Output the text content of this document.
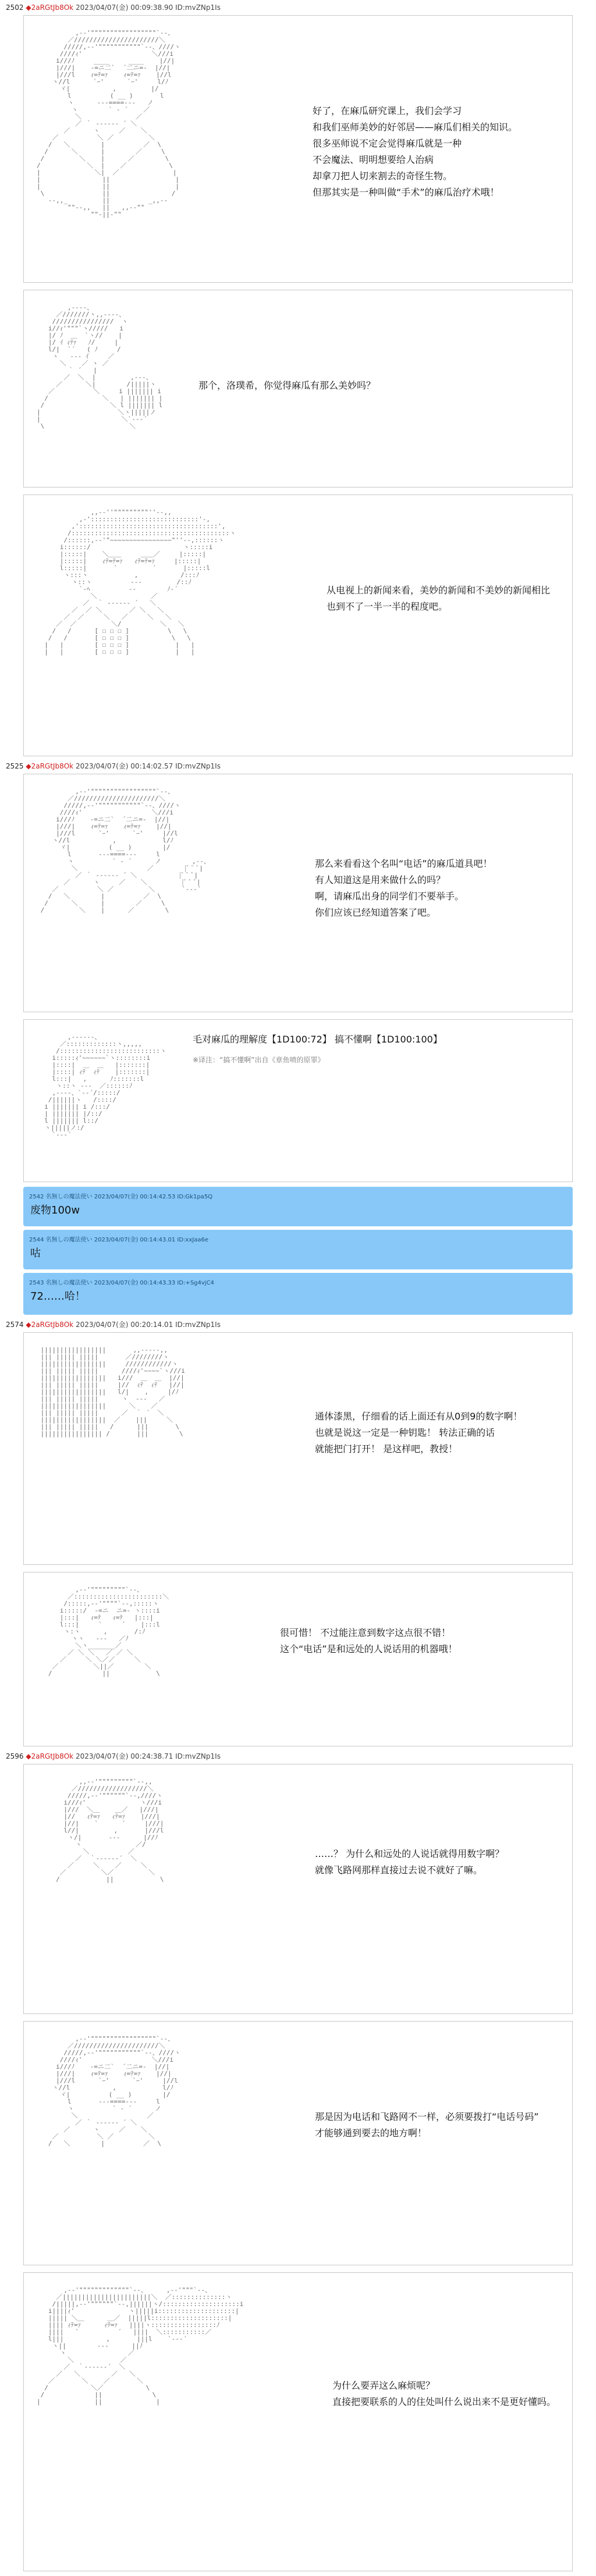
2502 ◆2aRGtJb8Ok 2023/04/07(金) 00:09:38.90 ID:mvZNp1Is

,-‐'"""""""""""""""""`‐-、
／//////////////////////＼
/////,-‐'"""""""""""`‐-、////ヽ
////ｨ'                  ＼///i
i///ﾉ     ____     ____    |//|
|///|    ‐=ニ二`  ´二ニ=‐  |//|
|///l    ｨ=ﾃ=ｧ    ｨ=ﾃ=ｧ    |//l
ヽ//l      `ｰ'      `ｰ'     l/ﾉ
ヾ|           ,         |/
l          ( __ )       l
ヽ      ‐-‐====‐-‐   ノ
ヽ        ` ‐ ´    ／
＼              ／
／ ｀ ‐---‐‐ ´ ＼
／      ヽ     ／    ＼
／          ＼ ／         ＼
/   ＼        |          ／  \
/      ＼      |        ／     \
/         ＼    |      ／        \
/            ＼  |    ／           \
|              ＼|  ／              |
|                ||                 |
|                ||                 |
\               ||                /
‐-,,_         ||          _,,-‐
""‐-,,   ||   ,,-‐""
""‐||‐""

好了，在麻瓜研究课上，我们会学习
和我们巫师美妙的好邻居——麻瓜们相关的知识。
很多巫师说不定会觉得麻瓜就是一种
不会魔法、明明想要给人治病
却拿刀把人切来割去的奇怪生物。
但那其实是一种叫做“手术”的麻瓜治疗术哦！

,-‐‐-、
／///////ヽ,,-‐‐-、
////////////////  ヽ
i//ｨ'"""`ヽ/////   i
|/ ﾉ  ＿  `ヽ//    |
|/ ｲ ｨﾃｧ   ﾉ/     |
l/|  `´   ( ﾉ     /
ヽ   ‐-‐ ｲ     ／
＼    ／ ヽ ／
｀ ´   |
／  ＼  |         ,-‐‐、
／      ＼|        /|||||ヽ
／          ＼     i ||||||| i
/              ＼   | ||||||| |
/                 ＼ l ||||||| l
|                    ＼ヽ|||||ノ
|                     ＼`‐-‐´
\                      ＼

那个，洛璞希，你觉得麻瓜有那么美妙吗？

,,-‐''"""""""""''‐-,,
,-'::::::::::::::::::::::::::::'-,
,'::::::::::::::::::::::::::::::::::::',
/:::::::::::::::::::::::::::::::::::::::::ヽ
/::::::,-‐'"~~~~~~~~~~~~~~~~"''‐-,::::::ヽ
i::::::/                        ヽ:::::i
|:::::|    ＼＿＿     ＿＿／     |:::::|
|:::::|    ｨﾃ=ﾃ=ｧ   ｨﾃ=ﾃ=ｧ     |:::::|
l:::::|       `         ´       |:::::l
ヽ:::ヽ            ,           /:::ﾉ
ヽ::ヽ          ‐-‐         /::ﾉ
`‐ﾍ          ‐‐        ﾉ‐´
＼              ／
／  ｀ ‐----‐ ´   ＼
／  ／ ＼       ／ ＼   ＼
／  ／     ＼   ／     ＼   ＼
／  ／         ＼/          ＼   ＼
/   /      [ ☐ ☐ ☐ ]          \   \
/   /       [ ☐ ☐ ☐ ]           \   \
|   |        [ ☐ ☐ ☐ ]            |   |
|   |        [ ☐ ☐ ☐ ]            |   |

从电视上的新闻来看，美妙的新闻和不美妙的新闻相比
也到不了一半一半的程度吧。
2525 ◆2aRGtJb8Ok 2023/04/07(金) 00:14:02.57 ID:mvZNp1Is

,-‐'"""""""""""""""""`‐-、
／//////////////////////＼
/////,-‐'"""""""""""`‐-、////ヽ
////ｨ'                  ＼///i
i///ﾉ    ‐=ニ二`  ´二ニ=‐  |//|
|///|    ｨ=ﾃ=ｧ    ｨ=ﾃ=ｧ    |//|
|///l      `ｰ'      `ｰ'     |//l
ヽ//l           ,            l/ﾉ
ヾ|          ( __ )        |/
l       ‐-‐====‐-‐     l
ヽ          ` ‐ ´      ノ        ,-‐、
＼                  ／        |ﾟ ﾟ ﾟ|
／ ｀ ‐---‐‐ ´ ＼           |ﾟ ﾟ ﾟ|
／      ヽ     ／    ＼         |ﾟ ﾟ ﾟ|
／          ＼ ／         ＼       `‐-‐´
/   ＼        |          ／  \
/      ＼      |        ／     \
/         ＼    |      ／        \

那么来看看这个名叫“电话”的麻瓜道具吧！
有人知道这是用来做什么的吗？
啊，请麻瓜出身的同学们不要举手。
你们应该已经知道答案了吧。

,-‐‐‐‐‐、
／:::::::::::::ヽ,,,,,
/::::::::::::::::::::::::::ヽ
i:::::ｨ'~~~~~~`ヽ::::::::i
|::::|  ＿  ＿   |:::::::|
|::::| ｨﾃ  ｨﾃ    |:::::::|
l:::|   ,      ﾉ:::::::l
ヽ::ヽ ‐-‐  ／::::::ﾉ
,-‐‐-、`‐‐´/:::::/
/||||||ヽ   /::::/
i ||||||| i /:::/
| ||||||| |/::/
l ||||||| l::/
ヽ|||||ノ:/
`‐-‐´

毛对麻瓜的理解度【1D100:72】 搞不懂啊【1D100:100】
※译注：“搞不懂啊”出自《章鱼喷的原罪》
2542 名無しの魔法使い 2023/04/07(金) 00:14:42.53 ID:Gk1pa5Q
废物100w
2544 名無しの魔法使い 2023/04/07(金) 00:14:43.01 ID:xxJaa6e
咕
2543 名無しの魔法使い 2023/04/07(金) 00:14:43.33 ID:+Sg4vjC4
72……哈！
2574 ◆2aRGtJb8Ok 2023/04/07(金) 00:20:14.01 ID:mvZNp1Is

|||||||||||||||||       ,,-‐‐‐-,,
||| ||||| |||||       ／////////ヽ
|||||||||||||||||     ////////////ヽ
||| ||||| |||||      ////ｨ'~~~~`ヽ///i
|||||||||||||||||   i///  ＿  ＿  |//|
||| ||||| |||||     |//  ｨﾃ  ｨﾃ   |//|
|||||||||||||||||   l/|    ,     |/ﾉ
||| ||||| |||||      ヽ  ‐-‐   ／
|||||||||||||||||      ＼    ／
||| ||||| |||||      ／  ｀ ´  ＼
|||||||||||||||||  ／    |||     ＼
||| ||||| |||||   /      |||       \
|||||||||||||||| /       |||        \

通体漆黑，仔细看的话上面还有从0到9的数字啊！
也就是说这一定是一种钥匙！ 转法正确的话
就能把门打开！ 是这样吧，教授！

,-‐'"""""""""`‐-、
／:::::::::::::::::::::::＼
/:::::,-‐'""""`‐-,:::::ヽ
i:::::/  ‐=ニ  ニ=‐ ヽ::::i
|:::|   ｨ=ﾃ   ｨ=ﾃ   |:::|
l:::|     `     ´    |:::l
ヽ:ヽ      ,       /:ﾉ
ヽヽ   ‐-‐   ／ﾉ
＼ヽ_______／
／ ＼ ＼   ／ ／ ＼
／     ＼ ＼／／     ＼
／         ＼||／        ＼
/             ||            \

很可惜！ 不过能注意到数字这点很不错！
这个“电话”是和远处的人说话用的机器哦！
2596 ◆2aRGtJb8Ok 2023/04/07(金) 00:24:38.71 ID:mvZNp1Is

,,-‐'"""""""""`‐-,,
／//////////////////＼
/////,-‐'""""""`‐-,////ヽ
i///ｨ'              ヽ///i
|///  ＼＿    ＿／   |///|
|//   ｨﾃ=ｧ   ｨﾃ=ｧ    |///|
|//|    `      ´     |///|
l//|         ,       |///l
ヽ/|       ‐-‐      |//ﾉ
ヽ              ／/
＼          ／
／  ｀‐----‐´  ＼
／     ＼    ／     ＼
／         ＼／         ＼
/            ||            \

……？ 为什么和远处的人说话就得用数字啊？
就像飞路网那样直接过去说不就好了嘛。

,-‐'"""""""""""""""""`‐-、
／//////////////////////＼
/////,-‐'"""""""""""`‐-、////ヽ
////ｨ'                  ＼///i
i///ﾉ    ‐=ニ二`  ´二ニ=‐  |//|
|///|    ｨ=ﾃ=ｧ    ｨ=ﾃ=ｧ    |//|
|///l      `ｰ'      `ｰ'     |//l
ヽ//l           ,            l/ﾉ
ヾ|          ( __ )        |/
l       ‐-‐====‐-‐     l
ヽ          ` ‐ ´      ノ
＼                  ／
／ ｀ ‐---‐‐ ´ ＼
／      ヽ     ／    ＼
／          ＼ ／         ＼
/   ＼        |          ／  \

那是因为电话和飞路网不一样，必须要拨打“电话号码”
才能够通到要去的地方啊！

,-‐'"""""""""""""`‐-、     ,-‐'"""`‐-、
／|||||||||||||||||||||||＼  ／::::::::::::::ヽ
/|||||,-‐'""""""`‐-,||||||ヽ/::::::::::::::::::::i
i||||ｨ'              ヽ|||||i::::::::::::::::::::|
||||| ＼＿      ＿／  |||||l::::::::::::::::::::|
|||| ｨﾃ=ｧ      ｨﾃ=ｧ   ||||ヽ:::::::::::::::::ﾉ
||||   `          ´   ||||  ＼:::::::::::／
l|||           ,       |||l    `‐‐‐´
ヽ||        ‐-‐      ||ﾉ
ヽ                ／
＼            ／
／  ｀‐----‐´  ＼
／   ＼        ／   ＼
／       ＼    ／       ＼
/           ＼／           \
/             ||             \
|              ||              |

为什么要弄这么麻烦呢？
直接把要联系的人的住处叫什么说出来不是更好懂吗。
